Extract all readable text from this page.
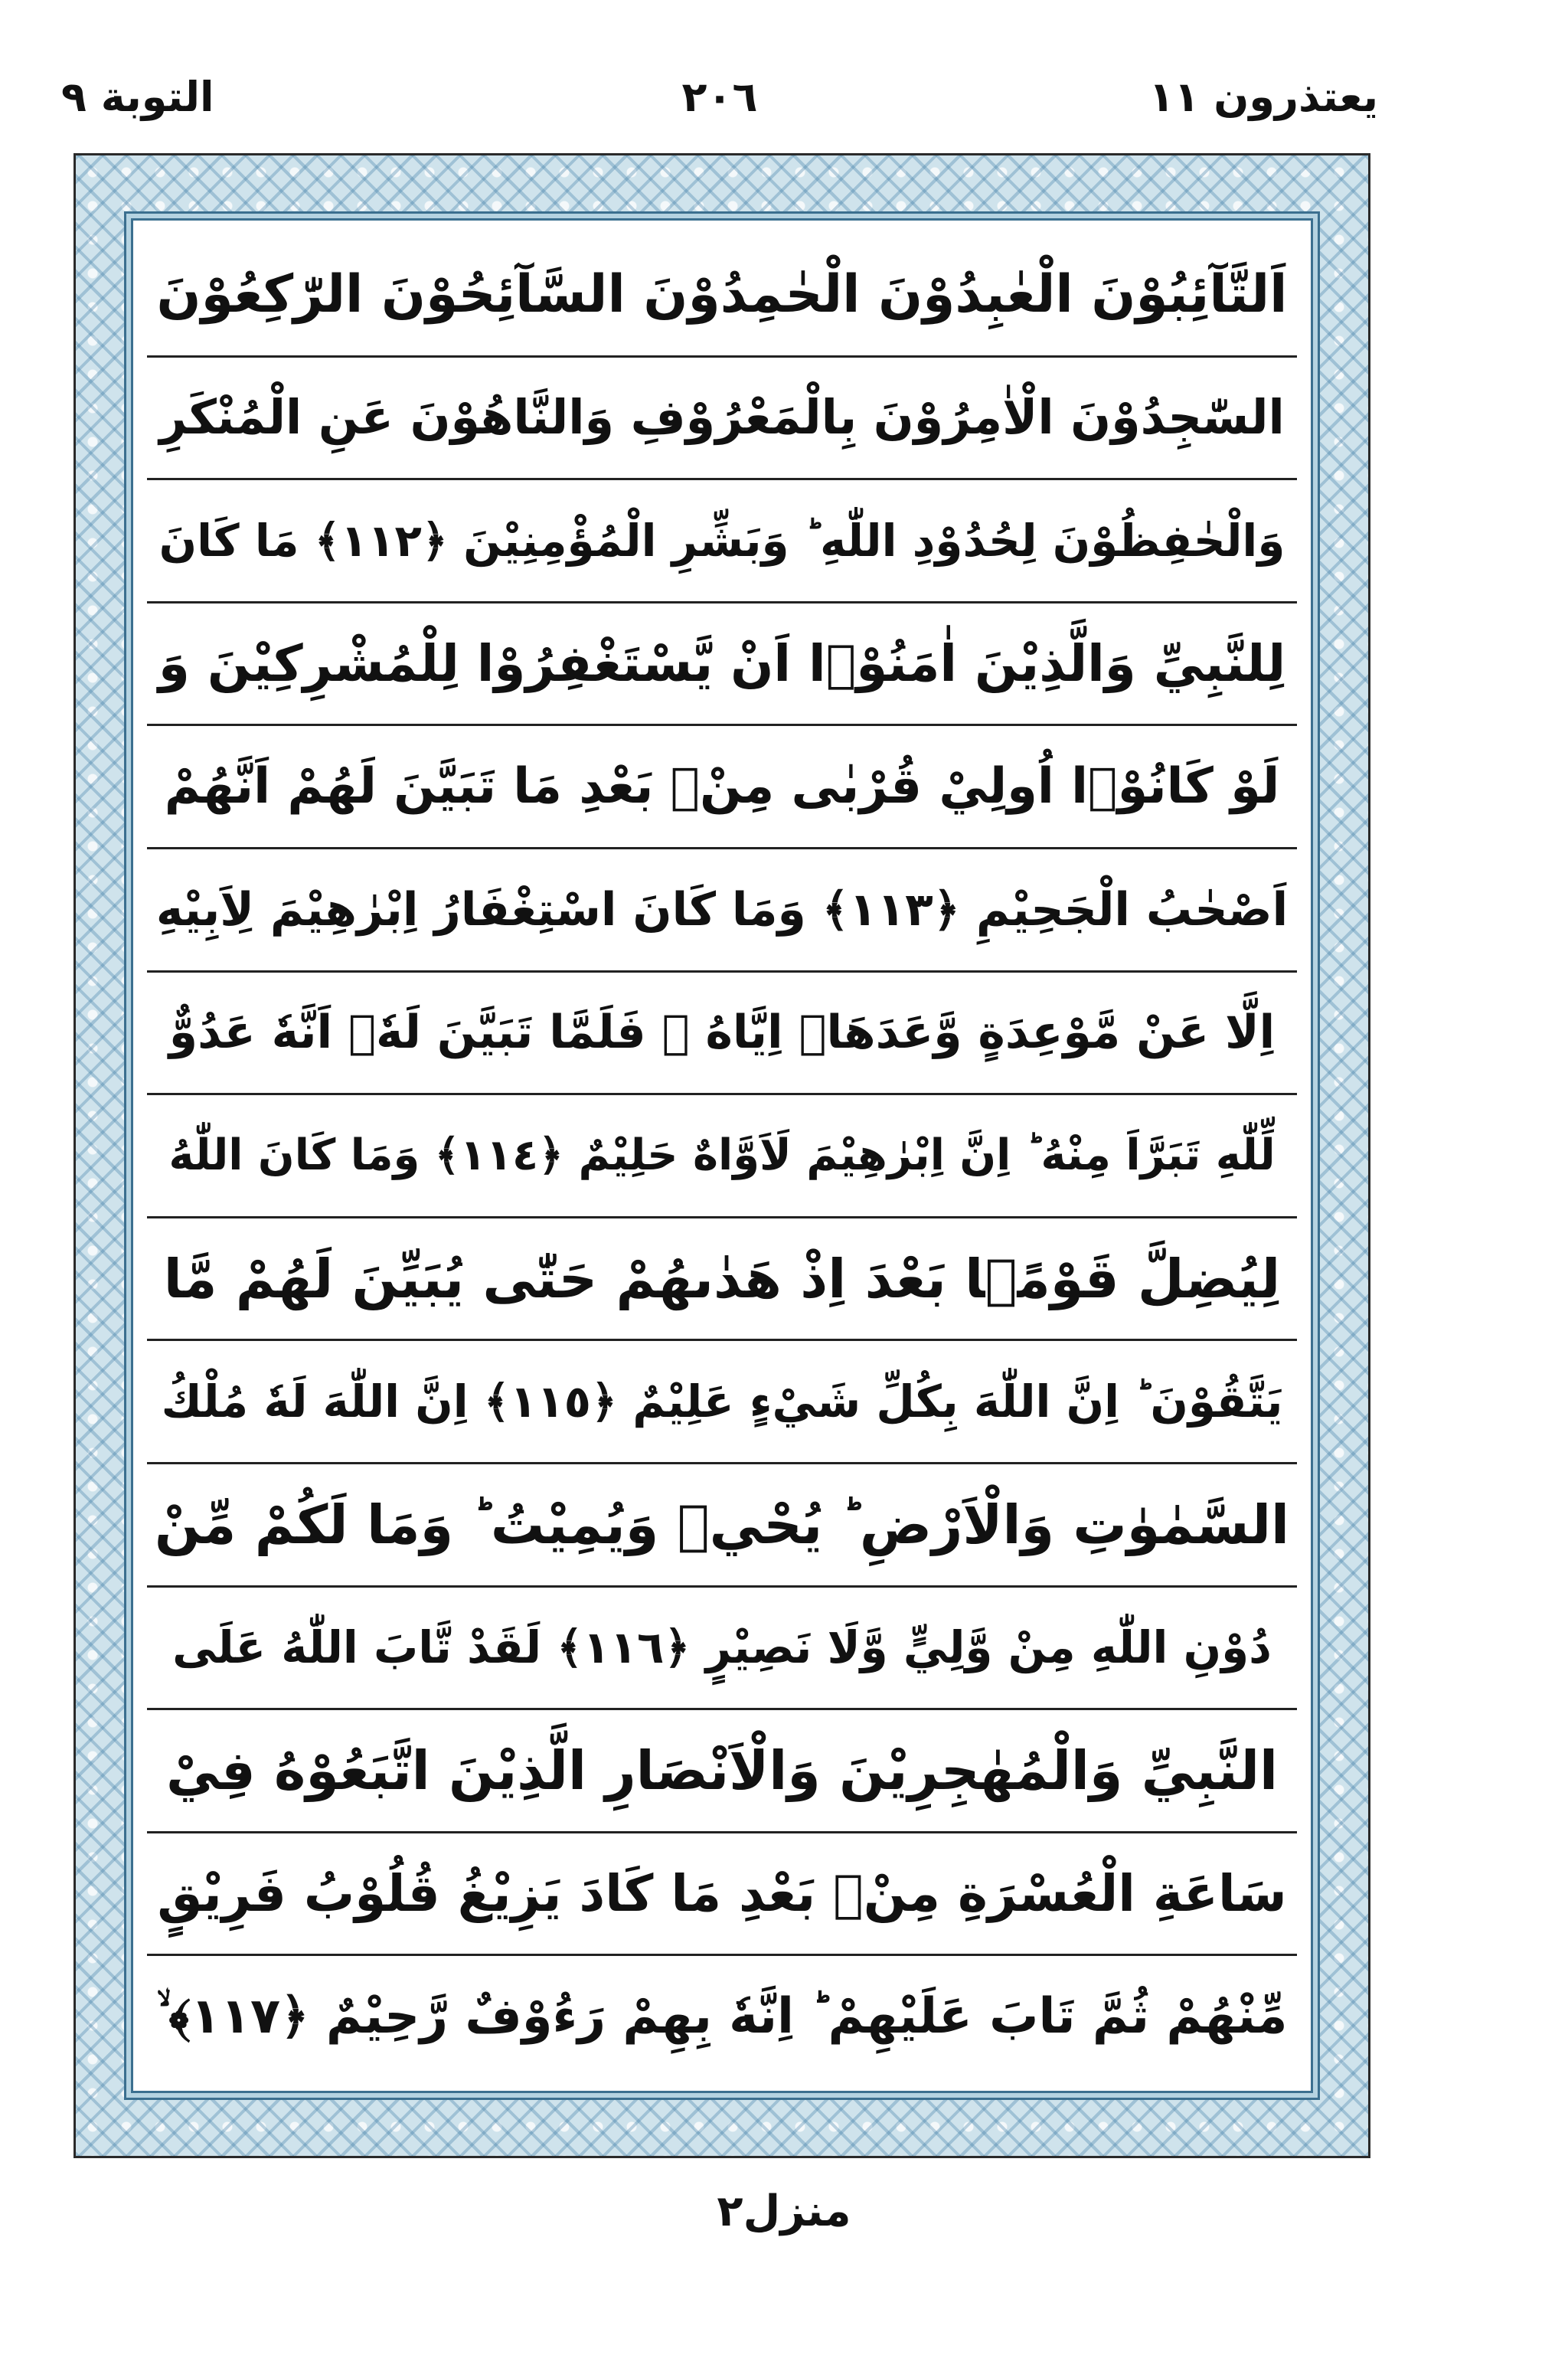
يعتذرون ١١
٢٠٦
التوبة ٩
اَلتَّآئِبُوْنَ الْعٰبِدُوْنَ الْحٰمِدُوْنَ السَّآئِحُوْنَ الرّٰكِعُوْنَ
السّٰجِدُوْنَ الْاٰمِرُوْنَ بِالْمَعْرُوْفِ وَالنَّاهُوْنَ عَنِ الْمُنْكَرِ
وَالْحٰفِظُوْنَ لِحُدُوْدِ اللّٰهِ ؕ وَبَشِّرِ الْمُؤْمِنِيْنَ ﴿١١٢﴾ مَا كَانَ
لِلنَّبِيِّ وَالَّذِيْنَ اٰمَنُوْۤا اَنْ يَّسْتَغْفِرُوْا لِلْمُشْرِكِيْنَ وَ
لَوْ كَانُوْۤا اُولِيْ قُرْبٰى مِنْۢ بَعْدِ مَا تَبَيَّنَ لَهُمْ اَنَّهُمْ
اَصْحٰبُ الْجَحِيْمِ ﴿١١٣﴾ وَمَا كَانَ اسْتِغْفَارُ اِبْرٰهِيْمَ لِاَبِيْهِ
اِلَّا عَنْ مَّوْعِدَةٍ وَّعَدَهَاۤ اِيَّاهُ ۚ فَلَمَّا تَبَيَّنَ لَهٗۤ اَنَّهٗ عَدُوٌّ
لِّلّٰهِ تَبَرَّاَ مِنْهُ ؕ اِنَّ اِبْرٰهِيْمَ لَاَوَّاهٌ حَلِيْمٌ ﴿١١٤﴾ وَمَا كَانَ اللّٰهُ
لِيُضِلَّ قَوْمًۢا بَعْدَ اِذْ هَدٰىهُمْ حَتّٰى يُبَيِّنَ لَهُمْ مَّا
يَتَّقُوْنَ ؕ اِنَّ اللّٰهَ بِكُلِّ شَيْءٍ عَلِيْمٌ ﴿١١٥﴾ اِنَّ اللّٰهَ لَهٗ مُلْكُ
السَّمٰوٰتِ وَالْاَرْضِ ؕ يُحْيٖ وَيُمِيْتُ ؕ وَمَا لَكُمْ مِّنْ
دُوْنِ اللّٰهِ مِنْ وَّلِيٍّ وَّلَا نَصِيْرٍ ﴿١١٦﴾ لَقَدْ تَّابَ اللّٰهُ عَلَى
النَّبِيِّ وَالْمُهٰجِرِيْنَ وَالْاَنْصَارِ الَّذِيْنَ اتَّبَعُوْهُ فِيْ
سَاعَةِ الْعُسْرَةِ مِنْۢ بَعْدِ مَا كَادَ يَزِيْغُ قُلُوْبُ فَرِيْقٍ
مِّنْهُمْ ثُمَّ تَابَ عَلَيْهِمْ ؕ اِنَّهٗ بِهِمْ رَءُوْفٌ رَّحِيْمٌ ﴿١١٧﴾ ۙ
منزل٢
